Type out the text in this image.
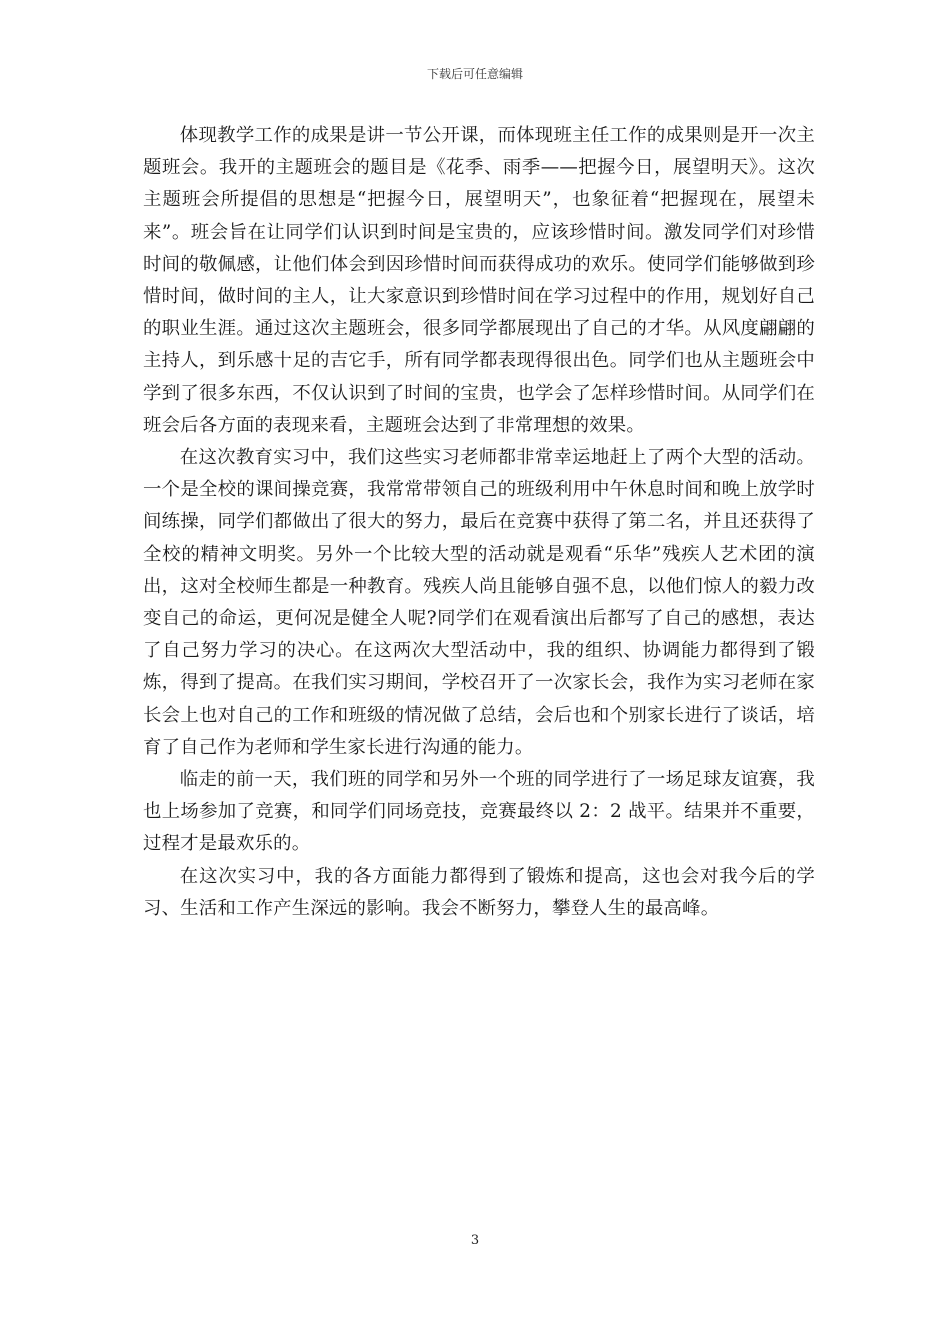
下载后可任意编辑

体现教学工作的成果是讲一节公开课，而体现班主任工作的成果则是开一次主题班会。我开的主题班会的题目是《花季、雨季——把握今日，展望明天》。这次主题班会所提倡的思想是“把握今日，展望明天”，也象征着“把握现在，展望未来”。班会旨在让同学们认识到时间是宝贵的，应该珍惜时间。激发同学们对珍惜时间的敬佩感，让他们体会到因珍惜时间而获得成功的欢乐。使同学们能够做到珍惜时间，做时间的主人，让大家意识到珍惜时间在学习过程中的作用，规划好自己的职业生涯。通过这次主题班会，很多同学都展现出了自己的才华。从风度翩翩的主持人，到乐感十足的吉它手，所有同学都表现得很出色。同学们也从主题班会中学到了很多东西，不仅认识到了时间的宝贵，也学会了怎样珍惜时间。从同学们在班会后各方面的表现来看，主题班会达到了非常理想的效果。

在这次教育实习中，我们这些实习老师都非常幸运地赶上了两个大型的活动。一个是全校的课间操竞赛，我常常带领自己的班级利用中午休息时间和晚上放学时间练操，同学们都做出了很大的努力，最后在竞赛中获得了第二名，并且还获得了全校的精神文明奖。另外一个比较大型的活动就是观看“乐华”残疾人艺术团的演出，这对全校师生都是一种教育。残疾人尚且能够自强不息，以他们惊人的毅力改变自己的命运，更何况是健全人呢?同学们在观看演出后都写了自己的感想，表达了自己努力学习的决心。在这两次大型活动中，我的组织、协调能力都得到了锻炼，得到了提高。在我们实习期间，学校召开了一次家长会，我作为实习老师在家长会上也对自己的工作和班级的情况做了总结，会后也和个别家长进行了谈话，培育了自己作为老师和学生家长进行沟通的能力。

临走的前一天，我们班的同学和另外一个班的同学进行了一场足球友谊赛，我也上场参加了竞赛，和同学们同场竞技，竞赛最终以 2：2 战平。结果并不重要，过程才是最欢乐的。

在这次实习中，我的各方面能力都得到了锻炼和提高，这也会对我今后的学习、生活和工作产生深远的影响。我会不断努力，攀登人生的最高峰。

3
